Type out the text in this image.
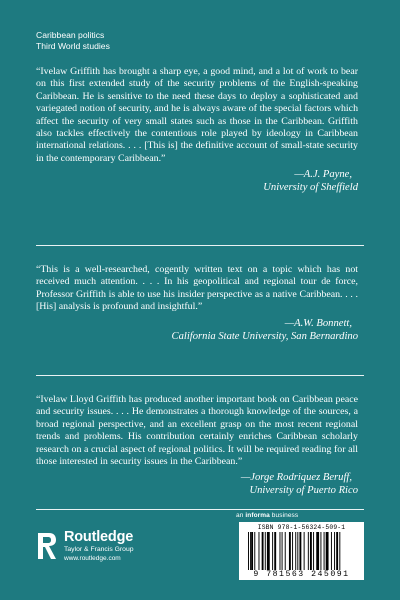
Caribbean politics
Third World studies

“Ivelaw Griffith has brought a sharp eye, a good mind, and a lot of work to bear on this first extended study of the security problems of the English-speaking Caribbean. He is sensitive to the need these days to deploy a sophisticated and variegated notion of security, and he is always aware of the special factors which affect the security of very small states such as those in the Caribbean. Griffith also tackles effectively the contentious role played by ideology in Caribbean international relations. . . . [This is] the definitive account of small-state security in the contemporary Caribbean.”

—A.J. Payne,
University of Sheffield

“This is a well-researched, cogently written text on a topic which has not received much attention. . . . In his geopolitical and regional tour de force, Professor Griffith is able to use his insider perspective as a native Caribbean. . . . [His] analysis is profound and insightful.”

—A.W. Bonnett,
California State University, San Bernardino

“Ivelaw Lloyd Griffith has produced another important book on Caribbean peace and security issues. . . . He demonstrates a thorough knowledge of the sources, a broad regional perspective, and an excellent grasp on the most recent regional trends and problems. His contribution certainly enriches Caribbean scholarly research on a crucial aspect of regional politics. It will be required reading for all those interested in security issues in the Caribbean.”

—Jorge Rodriquez Beruff,
University of Puerto Rico
an informa business
Routledge
Taylor & Francis Group
www.routledge.com
ISBN 978-1-56324-509-1
9 781563 245091
